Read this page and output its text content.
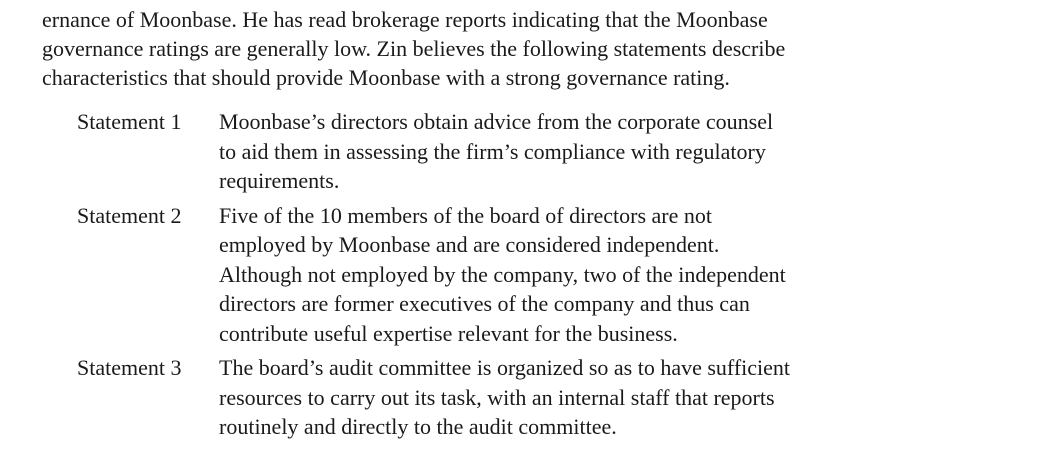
ernance of Moonbase. He has read brokerage reports indicating that the Moonbase
governance ratings are generally low. Zin believes the following statements describe
characteristics that should provide Moonbase with a strong governance rating.
Statement 1	Moonbase’s directors obtain advice from the corporate counsel
to aid them in assessing the firm’s compliance with regulatory
requirements.
Statement 2	Five of the 10 members of the board of directors are not
employed by Moonbase and are considered independent.
Although not employed by the company, two of the independent
directors are former executives of the company and thus can
contribute useful expertise relevant for the business.
Statement 3	The board’s audit committee is organized so as to have sufficient
resources to carry out its task, with an internal staff that reports
routinely and directly to the audit committee.
